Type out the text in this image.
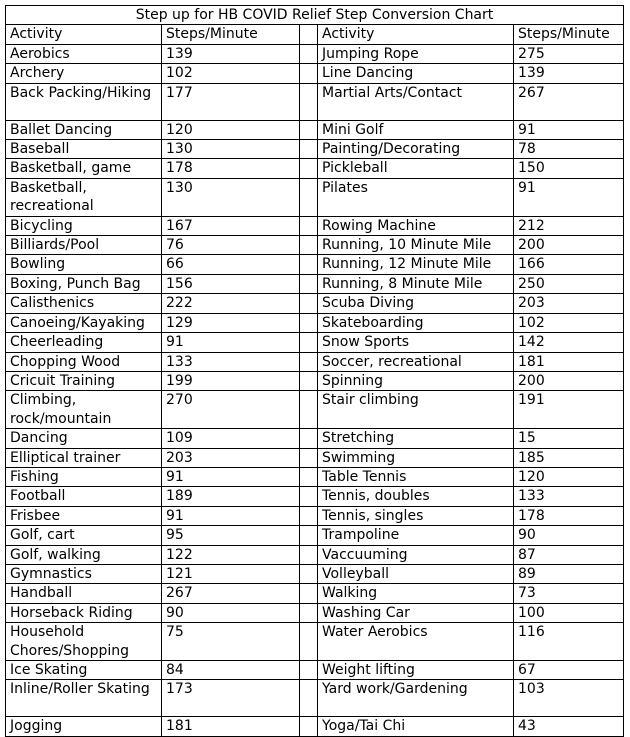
Step up for HB COVID Relief Step Conversion Chart				
Activity	Steps/Minute		Activity	Steps/Minute
Aerobics	139		Jumping Rope	275
Archery	102		Line Dancing	139
Back Packing/Hiking	177		Martial Arts/Contact	267
Ballet Dancing	120		Mini Golf	91
Baseball	130		Painting/Decorating	78
Basketball, game	178		Pickleball	150
Basketball, recreational	130		Pilates	91
Bicycling	167		Rowing Machine	212
Billiards/Pool	76		Running, 10 Minute Mile	200
Bowling	66		Running, 12 Minute Mile	166
Boxing, Punch Bag	156		Running, 8 Minute Mile	250
Calisthenics	222		Scuba Diving	203
Canoeing/Kayaking	129		Skateboarding	102
Cheerleading	91		Snow Sports	142
Chopping Wood	133		Soccer, recreational	181
Cricuit Training	199		Spinning	200
Climbing, rock/mountain	270		Stair climbing	191
Dancing	109		Stretching	15
Elliptical trainer	203		Swimming	185
Fishing	91		Table Tennis	120
Football	189		Tennis, doubles	133
Frisbee	91		Tennis, singles	178
Golf, cart	95		Trampoline	90
Golf, walking	122		Vaccuuming	87
Gymnastics	121		Volleyball	89
Handball	267		Walking	73
Horseback Riding	90		Washing Car	100
Household Chores/Shopping	75		Water Aerobics	116
Ice Skating	84		Weight lifting	67
Inline/Roller Skating	173		Yard work/Gardening	103
Jogging	181		Yoga/Tai Chi	43
